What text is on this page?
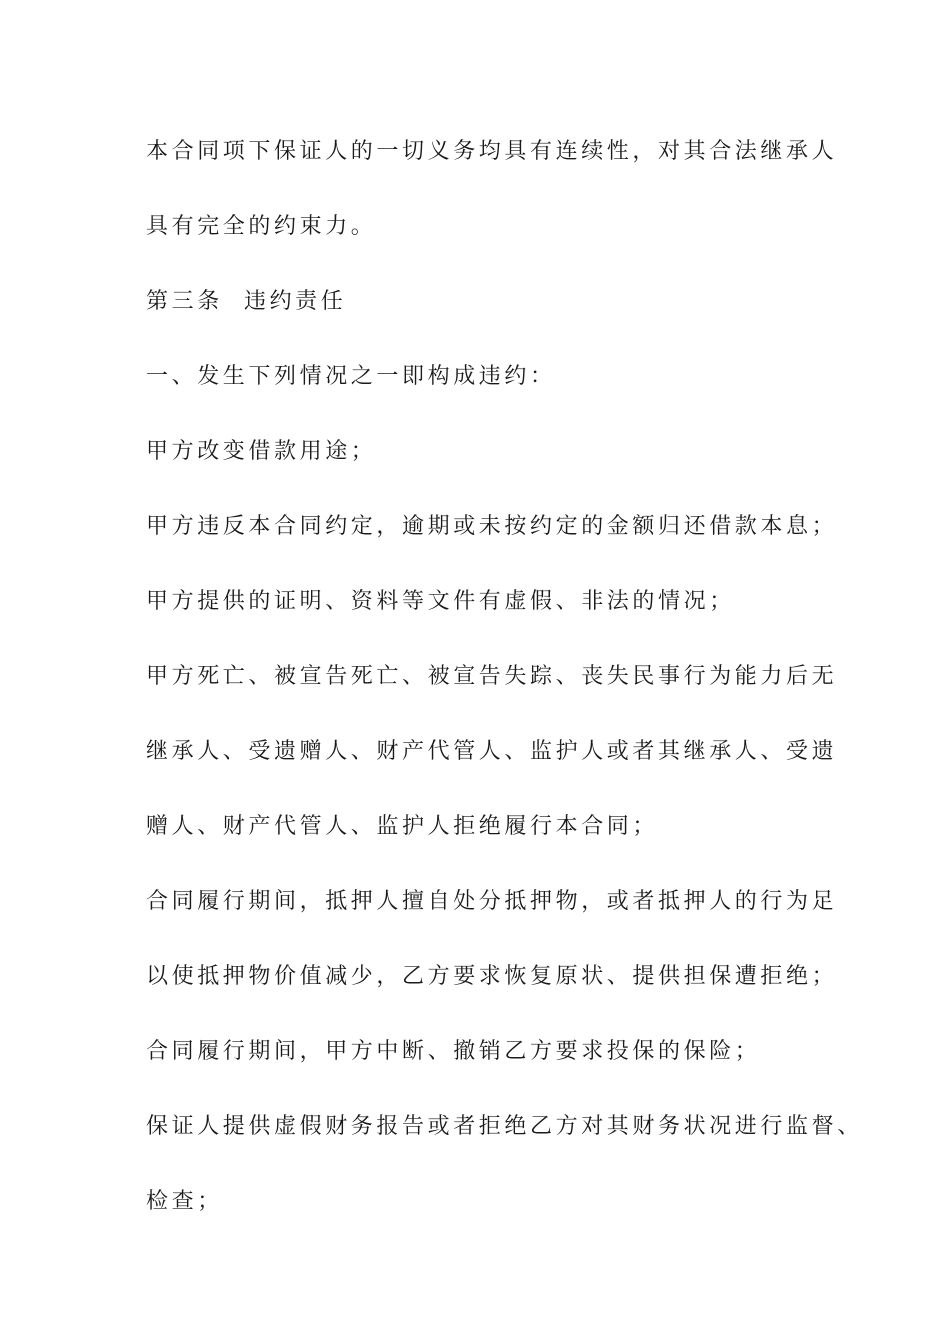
本合同项下保证人的一切义务均具有连续性，对其合法继承人

具有完全的约束力。

第三条  违约责任

一、发生下列情况之一即构成违约：

甲方改变借款用途；

甲方违反本合同约定，逾期或未按约定的金额归还借款本息；

甲方提供的证明、资料等文件有虚假、非法的情况；

甲方死亡、被宣告死亡、被宣告失踪、丧失民事行为能力后无

继承人、受遗赠人、财产代管人、监护人或者其继承人、受遗

赠人、财产代管人、监护人拒绝履行本合同；

合同履行期间，抵押人擅自处分抵押物，或者抵押人的行为足

以使抵押物价值减少，乙方要求恢复原状、提供担保遭拒绝；

合同履行期间，甲方中断、撤销乙方要求投保的保险；

保证人提供虚假财务报告或者拒绝乙方对其财务状况进行监督、

检查；
